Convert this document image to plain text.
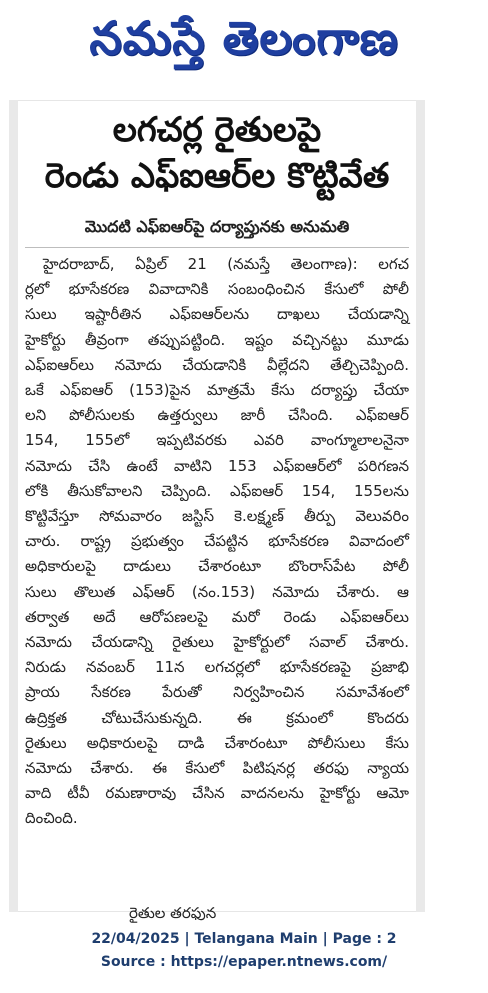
నమస్తే తెలంగాణ
లగచర్ల రైతులపై
రెండు ఎఫ్‌ఐఆర్‌ల కొట్టివేత
మొదటి ఎఫ్‌ఐఆర్‌పై దర్యాప్తునకు అనుమతి
హైదరాబాద్, ఏప్రిల్ 21 (నమస్తే తెలంగాణ): లగచ
ర్లలో భూసేకరణ వివాదానికి సంబంధించిన కేసులో పోలీ
సులు ఇష్టారీతిన ఎఫ్ఐఆర్‌లను దాఖలు చేయడాన్ని
హైకోర్టు తీవ్రంగా తప్పుపట్టింది. ఇష్టం వచ్చినట్టు మూడు
ఎఫ్ఐఆర్‌లు నమోదు చేయడానికి వీల్లేదని తేల్చిచెప్పింది.
ఒకే ఎఫ్ఐఆర్ (153)పైన మాత్రమే కేసు దర్యాప్తు చేయా
లని పోలీసులకు ఉత్తర్వులు జారీ చేసింది. ఎఫ్ఐఆర్
154, 155లో ఇప్పటివరకు ఎవరి వాంగ్మూలాలనైనా
నమోదు చేసి ఉంటే వాటిని 153 ఎఫ్ఐఆర్‌లో పరిగణన
లోకి తీసుకోవాలని చెప్పింది. ఎఫ్ఐఆర్ 154, 155లను
కొట్టివేస్తూ సోమవారం జస్టిస్ కె.లక్ష్మణ్ తీర్పు వెలువరిం
చారు. రాష్ట్ర ప్రభుత్వం చేపట్టిన భూసేకరణ వివాదంలో
అధికారులపై దాడులు చేశారంటూ బొంరాస్‌పేట పోలీ
సులు తొలుత ఎఫ్ఆర్ (నం.153) నమోదు చేశారు. ఆ
తర్వాత అదే ఆరోపణలపై మరో రెండు ఎఫ్ఐఆర్‌లు
నమోదు చేయడాన్ని రైతులు హైకోర్టులో సవాల్ చేశారు.
నిరుడు నవంబర్ 11న లగచర్లలో భూసేకరణపై ప్రజాభి
ప్రాయ సేకరణ పేరుతో నిర్వహించిన సమావేశంలో
ఉద్రిక్తత చోటుచేసుకున్నది. ఈ క్రమంలో కొందరు
రైతులు అధికారులపై దాడి చేశారంటూ పోలీసులు కేసు
నమోదు చేశారు. ఈ కేసులో పిటిషనర్ల తరఫు న్యాయ
వాది టీవీ రమణారావు చేసిన వాదనలను హైకోర్టు ఆమో
దించింది.
రైతుల తరఫున
22/04/2025 | Telangana Main | Page : 2
Source : https://epaper.ntnews.com/
